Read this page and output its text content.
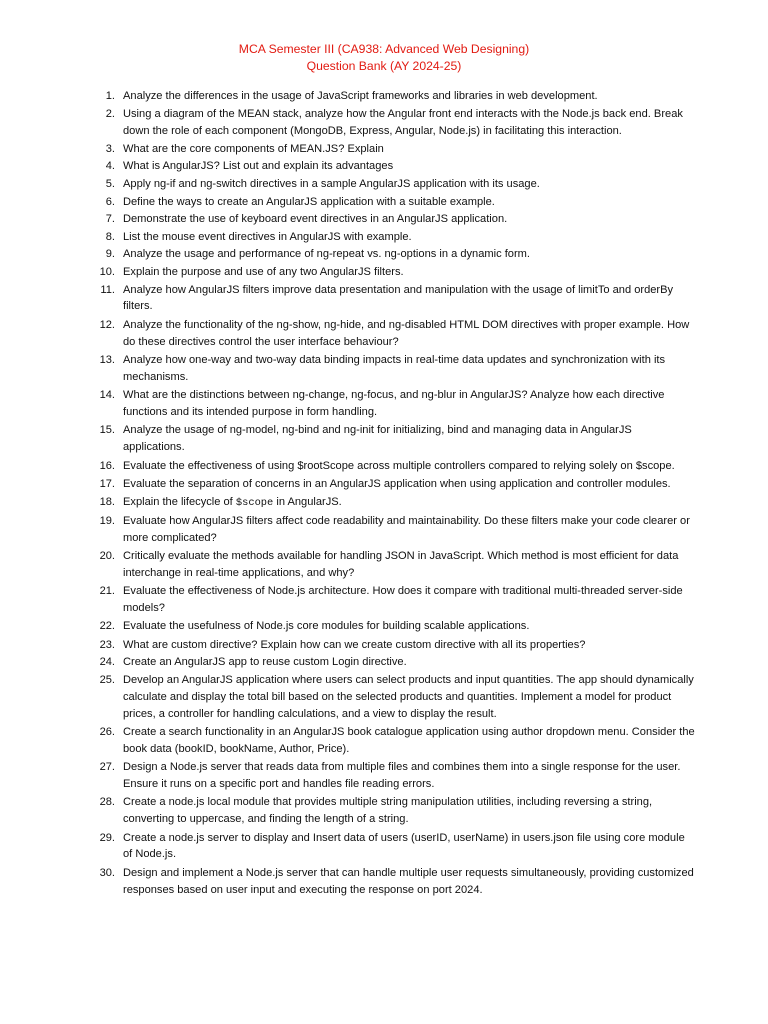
MCA Semester III (CA938: Advanced Web Designing)
Question Bank (AY 2024-25)
1. Analyze the differences in the usage of JavaScript frameworks and libraries in web development.
2. Using a diagram of the MEAN stack, analyze how the Angular front end interacts with the Node.js back end. Break down the role of each component (MongoDB, Express, Angular, Node.js) in facilitating this interaction.
3. What are the core components of MEAN.JS? Explain
4. What is AngularJS? List out and explain its advantages
5. Apply ng-if and ng-switch directives in a sample AngularJS application with its usage.
6. Define the ways to create an AngularJS application with a suitable example.
7. Demonstrate the use of keyboard event directives in an AngularJS application.
8. List the mouse event directives in AngularJS with example.
9. Analyze the usage and performance of ng-repeat vs. ng-options in a dynamic form.
10. Explain the purpose and use of any two AngularJS filters.
11. Analyze how AngularJS filters improve data presentation and manipulation with the usage of limitTo and orderBy filters.
12. Analyze the functionality of the ng-show, ng-hide, and ng-disabled HTML DOM directives with proper example. How do these directives control the user interface behaviour?
13. Analyze how one-way and two-way data binding impacts in real-time data updates and synchronization with its mechanisms.
14. What are the distinctions between ng-change, ng-focus, and ng-blur in AngularJS? Analyze how each directive functions and its intended purpose in form handling.
15. Analyze the usage of ng-model, ng-bind and ng-init for initializing, bind and managing data in AngularJS applications.
16. Evaluate the effectiveness of using $rootScope across multiple controllers compared to relying solely on $scope.
17. Evaluate the separation of concerns in an AngularJS application when using application and controller modules.
18. Explain the lifecycle of $scope in AngularJS.
19. Evaluate how AngularJS filters affect code readability and maintainability. Do these filters make your code clearer or more complicated?
20. Critically evaluate the methods available for handling JSON in JavaScript. Which method is most efficient for data interchange in real-time applications, and why?
21. Evaluate the effectiveness of Node.js architecture. How does it compare with traditional multi-threaded server-side models?
22. Evaluate the usefulness of Node.js core modules for building scalable applications.
23. What are custom directive? Explain how can we create custom directive with all its properties?
24. Create an AngularJS app to reuse custom Login directive.
25. Develop an AngularJS application where users can select products and input quantities. The app should dynamically calculate and display the total bill based on the selected products and quantities. Implement a model for product prices, a controller for handling calculations, and a view to display the result.
26. Create a search functionality in an AngularJS book catalogue application using author dropdown menu. Consider the book data (bookID, bookName, Author, Price).
27. Design a Node.js server that reads data from multiple files and combines them into a single response for the user. Ensure it runs on a specific port and handles file reading errors.
28. Create a node.js local module that provides multiple string manipulation utilities, including reversing a string, converting to uppercase, and finding the length of a string.
29. Create a node.js server to display and Insert data of users (userID, userName) in users.json file using core module of Node.js.
30. Design and implement a Node.js server that can handle multiple user requests simultaneously, providing customized responses based on user input and executing the response on port 2024.
